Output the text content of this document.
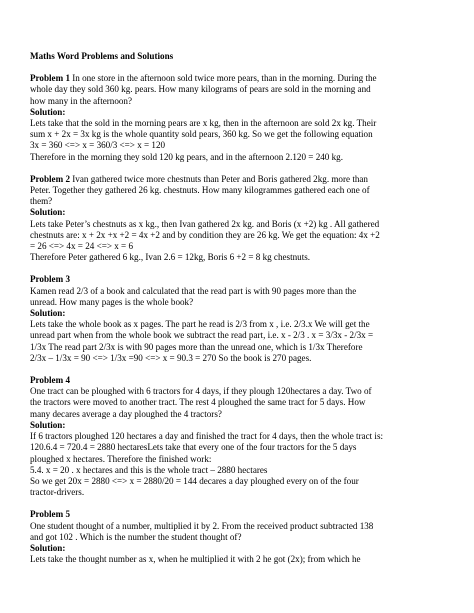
Maths Word Problems and Solutions
Problem 1 In one store in the afternoon sold twice more pears, than in the morning. During the
whole day they sold 360 kg. pears. How many kilograms of pears are sold in the morning and
how many in the afternoon?
Solution:
Lets take that the sold in the morning pears are x kg, then in the afternoon are sold 2x kg. Their
sum x + 2x = 3x kg is the whole quantity sold pears, 360 kg. So we get the following equation
3x = 360 <=> x = 360/3 <=> x = 120
Therefore in the morning they sold 120 kg pears, and in the afternoon 2.120 = 240 kg.
Problem 2 Ivan gathered twice more chestnuts than Peter and Boris gathered 2kg. more than
Peter. Together they gathered 26 kg. chestnuts. How many kilogrammes gathered each one of
them?
Solution:
Lets take Peter’s chestnuts as x kg., then Ivan gathered 2x kg. and Boris (x +2) kg . All gathered
chestnuts are: x + 2x +x +2 = 4x +2 and by condition they are 26 kg. We get the equation: 4x +2
= 26 <=> 4x = 24 <=> x = 6
Therefore Peter gathered 6 kg., Ivan 2.6 = 12kg, Boris 6 +2 = 8 kg chestnuts.
Problem 3
Kamen read 2/3 of a book and calculated that the read part is with 90 pages more than the
unread. How many pages is the whole book?
Solution:
Lets take the whole book as x pages. The part he read is 2/3 from x , i.e. 2/3.x We will get the
unread part when from the whole book we subtract the read part, i.e. x - 2/3 . x = 3/3x - 2/3x =
1/3x The read part 2/3x is with 90 pages more than the unread one, which is 1/3x Therefore
2/3x – 1/3x = 90 <=> 1/3x =90 <=> x = 90.3 = 270 So the book is 270 pages.
Problem 4
One tract can be ploughed with 6 tractors for 4 days, if they plough 120hectares a day. Two of
the tractors were moved to another tract. The rest 4 ploughed the same tract for 5 days. How
many decares average a day ploughed the 4 tractors?
Solution:
If 6 tractors ploughed 120 hectares a day and finished the tract for 4 days, then the whole tract is:
120.6.4 = 720.4 = 2880 hectaresLets take that every one of the four tractors for the 5 days
ploughed x hectares. Therefore the finished work:
5.4. x = 20 . x hectares and this is the whole tract – 2880 hectares
So we get 20x = 2880 <=> x = 2880/20 = 144 decares a day ploughed every on of the four
tractor-drivers.
Problem 5
One student thought of a number, multiplied it by 2. From the received product subtracted 138
and got 102 . Which is the number the student thought of?
Solution:
Lets take the thought number as x, when he multiplied it with 2 he got (2x); from which he
